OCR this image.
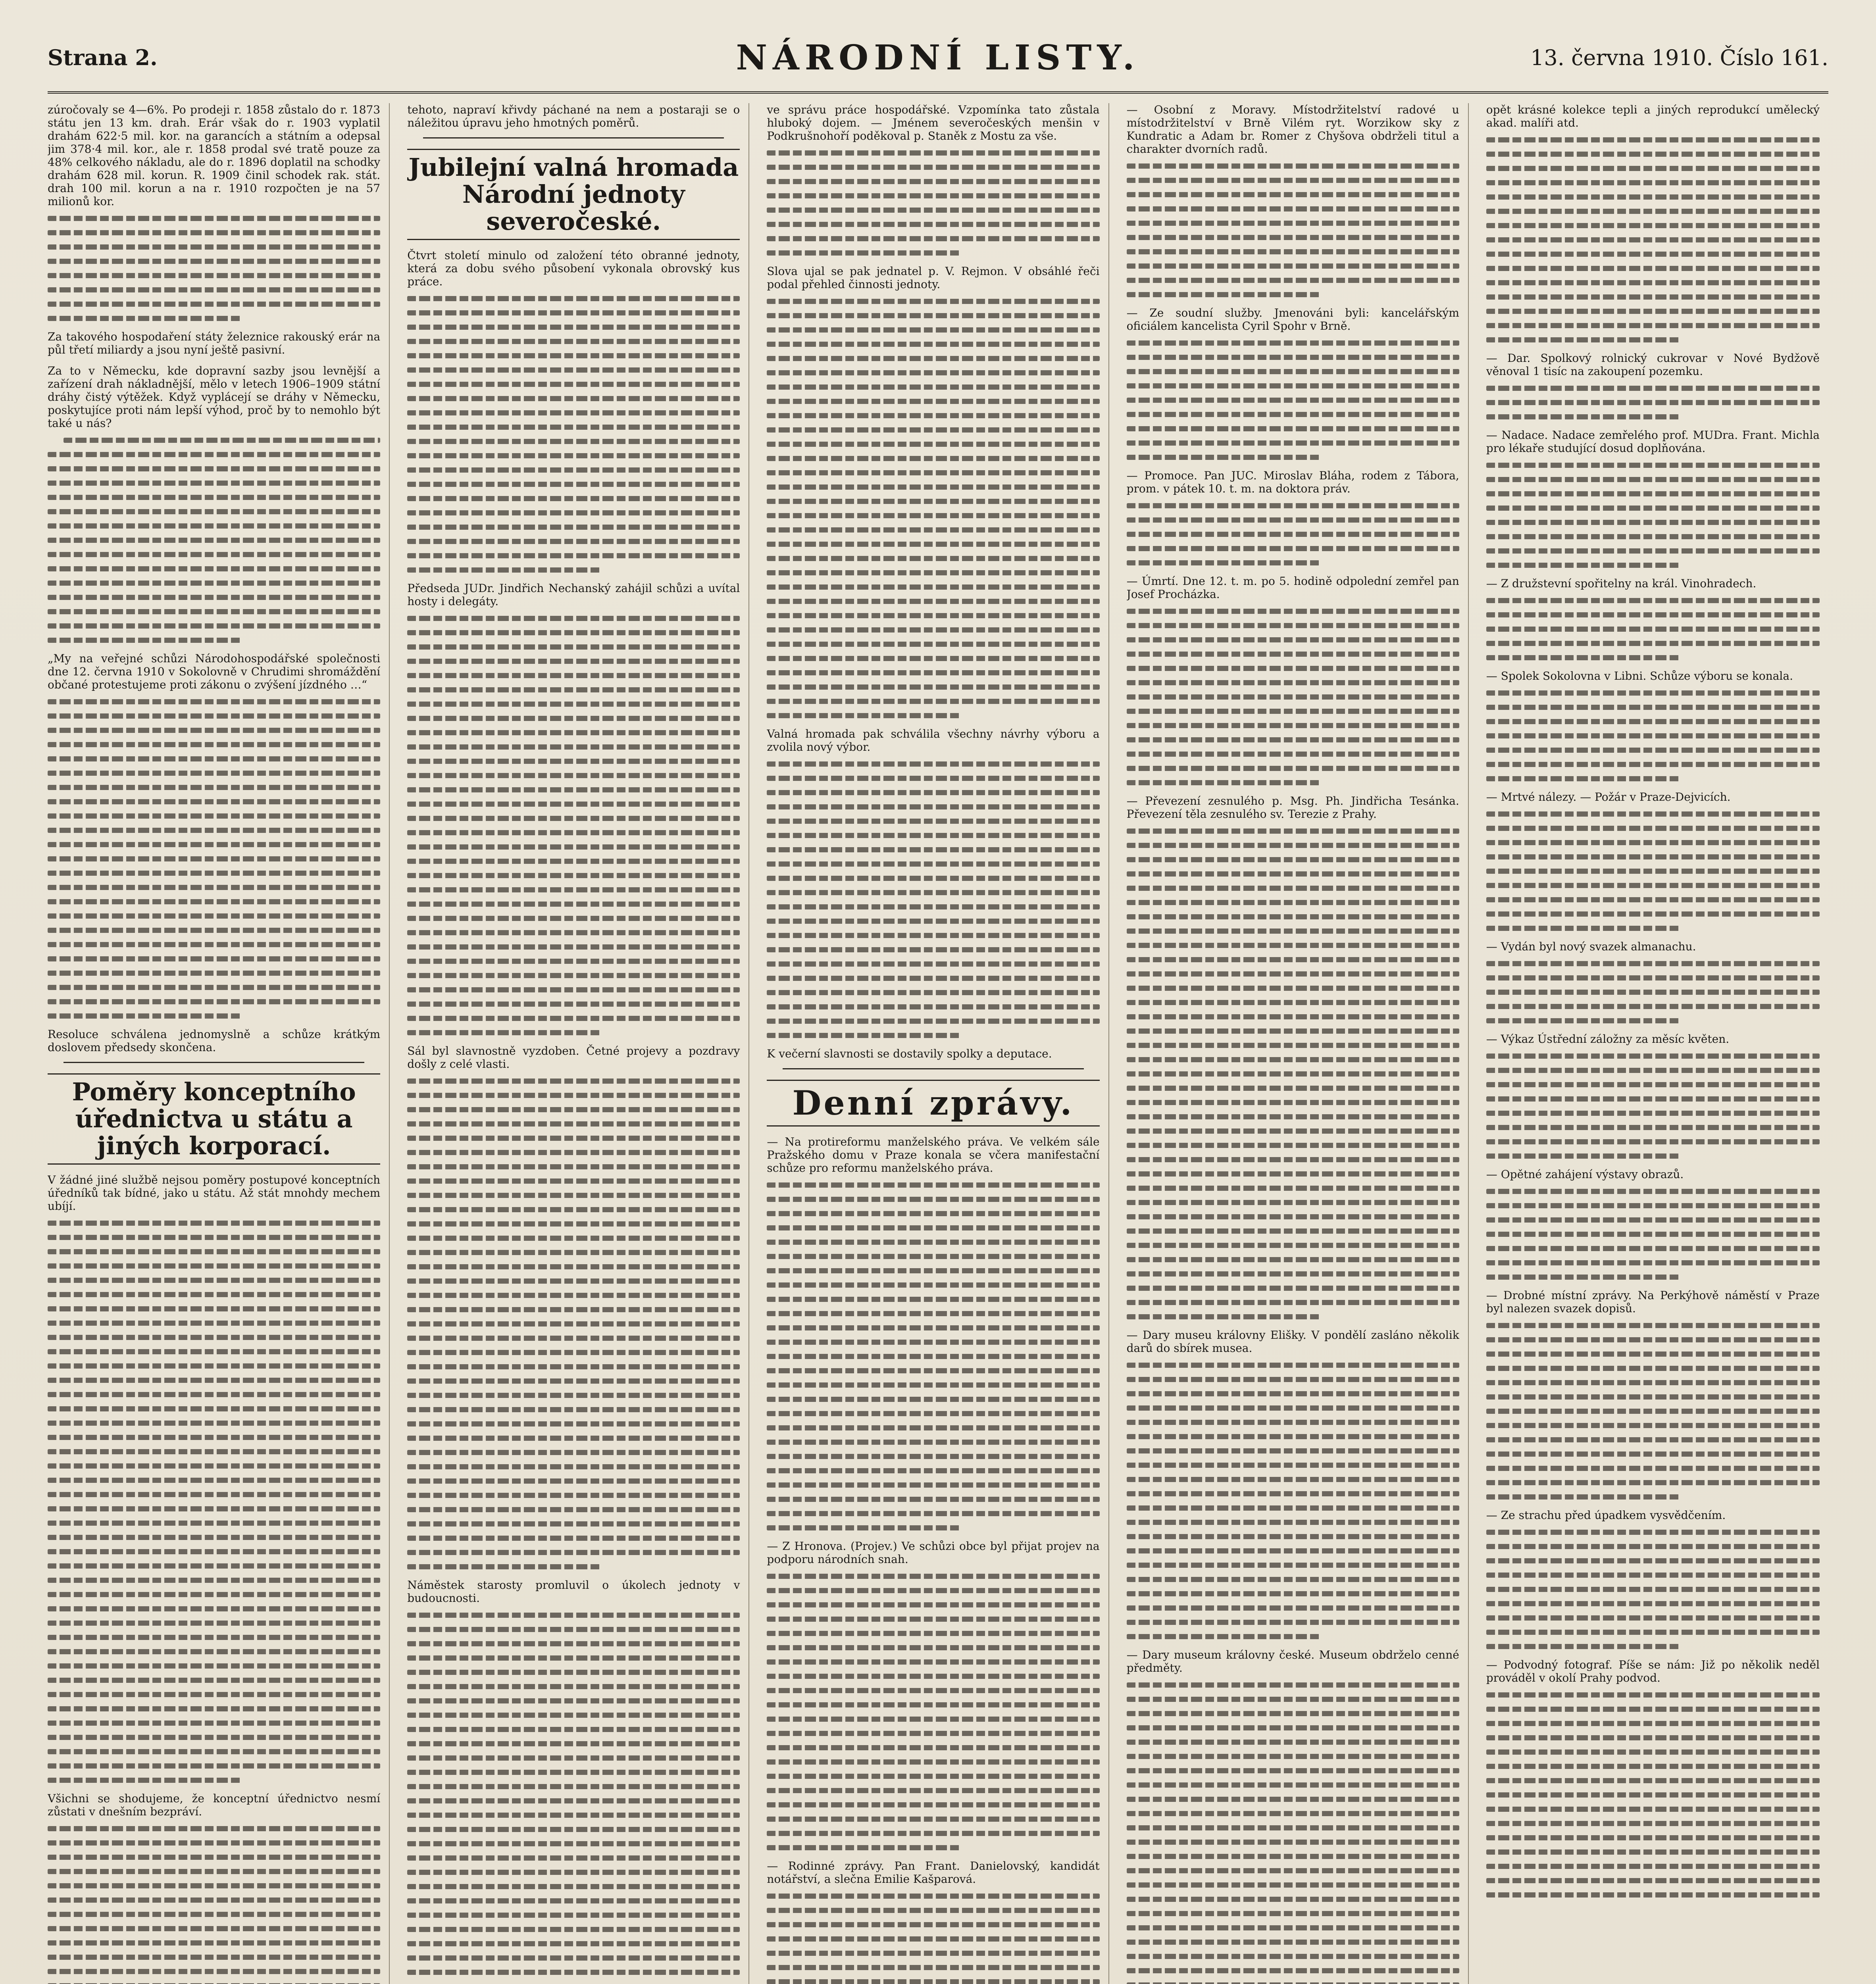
Strana 2.	NÁRODNÍ LISTY.	13. června 1910. Číslo 161.

zúročovaly se 4—6%. Po prodeji r. 1858 zůstalo do r. 1873 státu jen 13 km. drah. Erár však do r. 1903 vyplatil drahám 622·5 mil. kor. na garancích a státním a odepsal jim 378·4 mil. kor., ale r. 1858 prodal své tratě pouze za 48% celkového nákladu, ale do r. 1896 doplatil na schodky drahám 628 mil. korun. R. 1909 činil schodek rak. stát. drah 100 mil. korun a na r. 1910 rozpočten je na 57 milionů kor.

Za takového hospodaření státy železnice rakouský erár na půl třetí miliardy a jsou nyní ještě pasivní.

Za to v Německu, kde dopravní sazby jsou levnější a zařízení drah nákladnější, mělo v letech 1906–1909 státní dráhy čistý výtěžek. Když vyplácejí se dráhy v Německu, poskytujíce proti nám lepší výhod, proč by to nemohlo být také u nás?

„My na veřejné schůzi Národohospodářské společnosti dne 12. června 1910 v Sokolovně v Chrudimi shromáždění občané protestujeme proti zákonu o zvýšení jízdného …“

Resoluce schválena jednomyslně a schůze krátkým doslovem předsedy skončena.

Poměry konceptního úřednictva u státu a jiných korporací.

V žádné jiné službě nejsou poměry postupové konceptních úředníků tak bídné, jako u státu. Až stát mnohdy mechem ubíjí.

Všichni se shodujeme, že konceptní úřednictvo nesmí zůstati v dnešním bezpráví.

tehoto, napraví křivdy páchané na nem a postaraji se o náležitou úpravu jeho hmotných poměrů.

Jubilejní valná hromada Národní jednoty severočeské.

Čtvrt století minulo od založení této obranné jednoty, která za dobu svého působení vykonala obrovský kus práce.

Předseda JUDr. Jindřich Nechanský zahájil schůzi a uvítal hosty i delegáty.

Sál byl slavnostně vyzdoben. Četné projevy a pozdravy došly z celé vlasti.

Náměstek starosty promluvil o úkolech jednoty v budoucnosti.

ve správu práce hospodářské. Vzpomínka tato zůstala hluboký dojem. — Jménem severočeských menšin v Podkrušnohoří poděkoval p. Staněk z Mostu za vše.

Slova ujal se pak jednatel p. V. Rejmon. V obsáhlé řeči podal přehled činnosti jednoty.

Valná hromada pak schválila všechny návrhy výboru a zvolila nový výbor.

K večerní slavnosti se dostavily spolky a deputace.

Denní zprávy.

— Na protireformu manželského práva. Ve velkém sále Pražského domu v Praze konala se včera manifestační schůze pro reformu manželského práva.

— Z Hronova. (Projev.) Ve schůzi obce byl přijat projev na podporu národních snah.

— Rodinné zprávy. Pan Frant. Danielovský, kandidát notářství, a slečna Emilie Kašparová.

— Osobní z Moravy. Místodržitelství radové u místodržitelství v Brně Vilém ryt. Worzikow sky z Kundratic a Adam br. Romer z Chyšova obdrželi titul a charakter dvorních radů.

— Ze soudní služby. Jmenováni byli: kancelářským oficiálem kancelista Cyril Spohr v Brně.

— Promoce. Pan JUC. Miroslav Bláha, rodem z Tábora, prom. v pátek 10. t. m. na doktora práv.

— Úmrtí. Dne 12. t. m. po 5. hodině odpolední zemřel pan Josef Procházka.

— Převezení zesnulého p. Msg. Ph. Jindřicha Tesánka. Převezení těla zesnulého sv. Terezie z Prahy.

— Dary museu královny Elišky. V pondělí zasláno několik darů do sbírek musea.

— Dary museum královny české. Museum obdrželo cenné předměty.

opět krásné kolekce tepli a jiných reprodukcí umělecký akad. malíři atd.

— Dar. Spolkový rolnický cukrovar v Nové Bydžově věnoval 1 tisíc na zakoupení pozemku.

— Nadace. Nadace zemřelého prof. MUDra. Frant. Michla pro lékaře studující dosud doplňována.

— Z družstevní spořitelny na král. Vinohradech.

— Spolek Sokolovna v Libni. Schůze výboru se konala.

— Mrtvé nálezy. — Požár v Praze-Dejvicích.

— Vydán byl nový svazek almanachu.

— Výkaz Ústřední záložny za měsíc květen.

— Opětné zahájení výstavy obrazů.

— Drobné místní zprávy. Na Perkýhově náměstí v Praze byl nalezen svazek dopisů.

— Ze strachu před úpadkem vysvědčením.

— Podvodný fotograf. Píše se nám: Již po několik neděl prováděl v okolí Prahy podvod.
